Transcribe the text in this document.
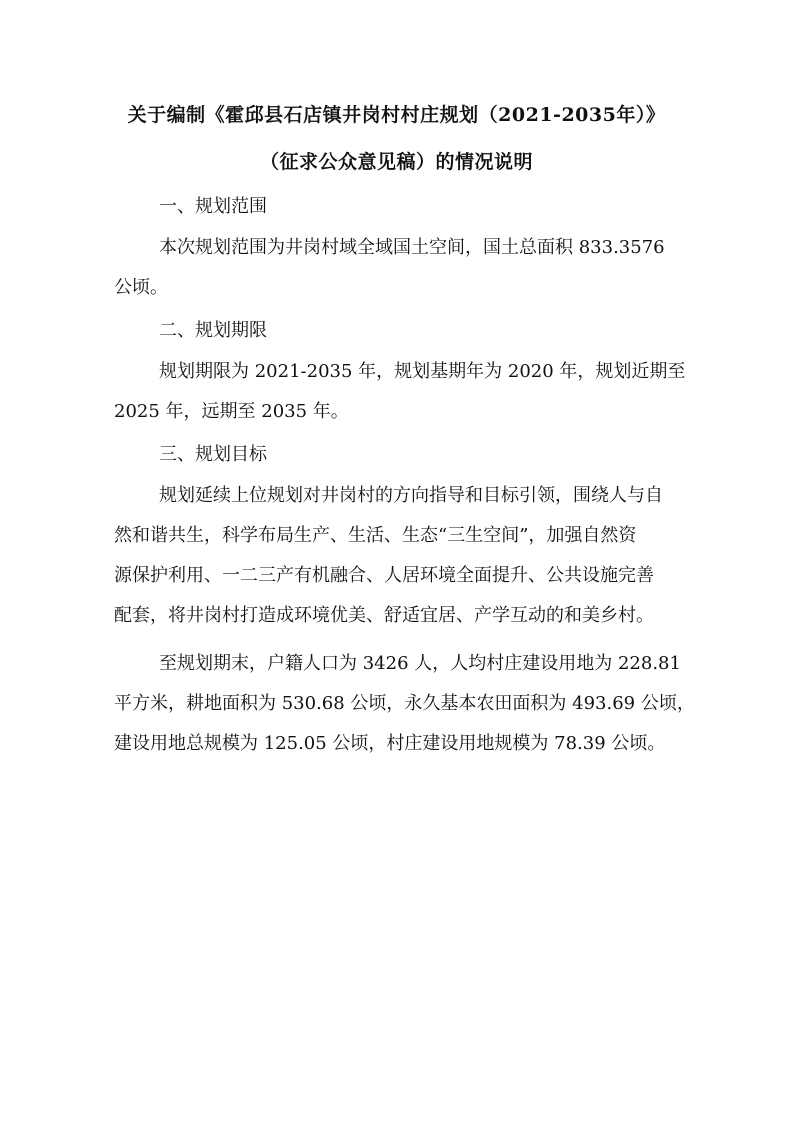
关于编制《霍邱县石店镇井岗村村庄规划（2021-2035年）》
（征求公众意见稿）的情况说明
一、规划范围
本次规划范围为井岗村域全域国土空间，国土总面积 833.3576
公顷。
二、规划期限
规划期限为 2021-2035 年，规划基期年为 2020 年，规划近期至
2025 年，远期至 2035 年。
三、规划目标
规划延续上位规划对井岗村的方向指导和目标引领，围绕人与自
然和谐共生，科学布局生产、生活、生态“三生空间”，加强自然资
源保护利用、一二三产有机融合、人居环境全面提升、公共设施完善
配套，将井岗村打造成环境优美、舒适宜居、产学互动的和美乡村。
至规划期末，户籍人口为 3426 人，人均村庄建设用地为 228.81
平方米，耕地面积为 530.68 公顷，永久基本农田面积为 493.69 公顷，
建设用地总规模为 125.05 公顷，村庄建设用地规模为 78.39 公顷。
